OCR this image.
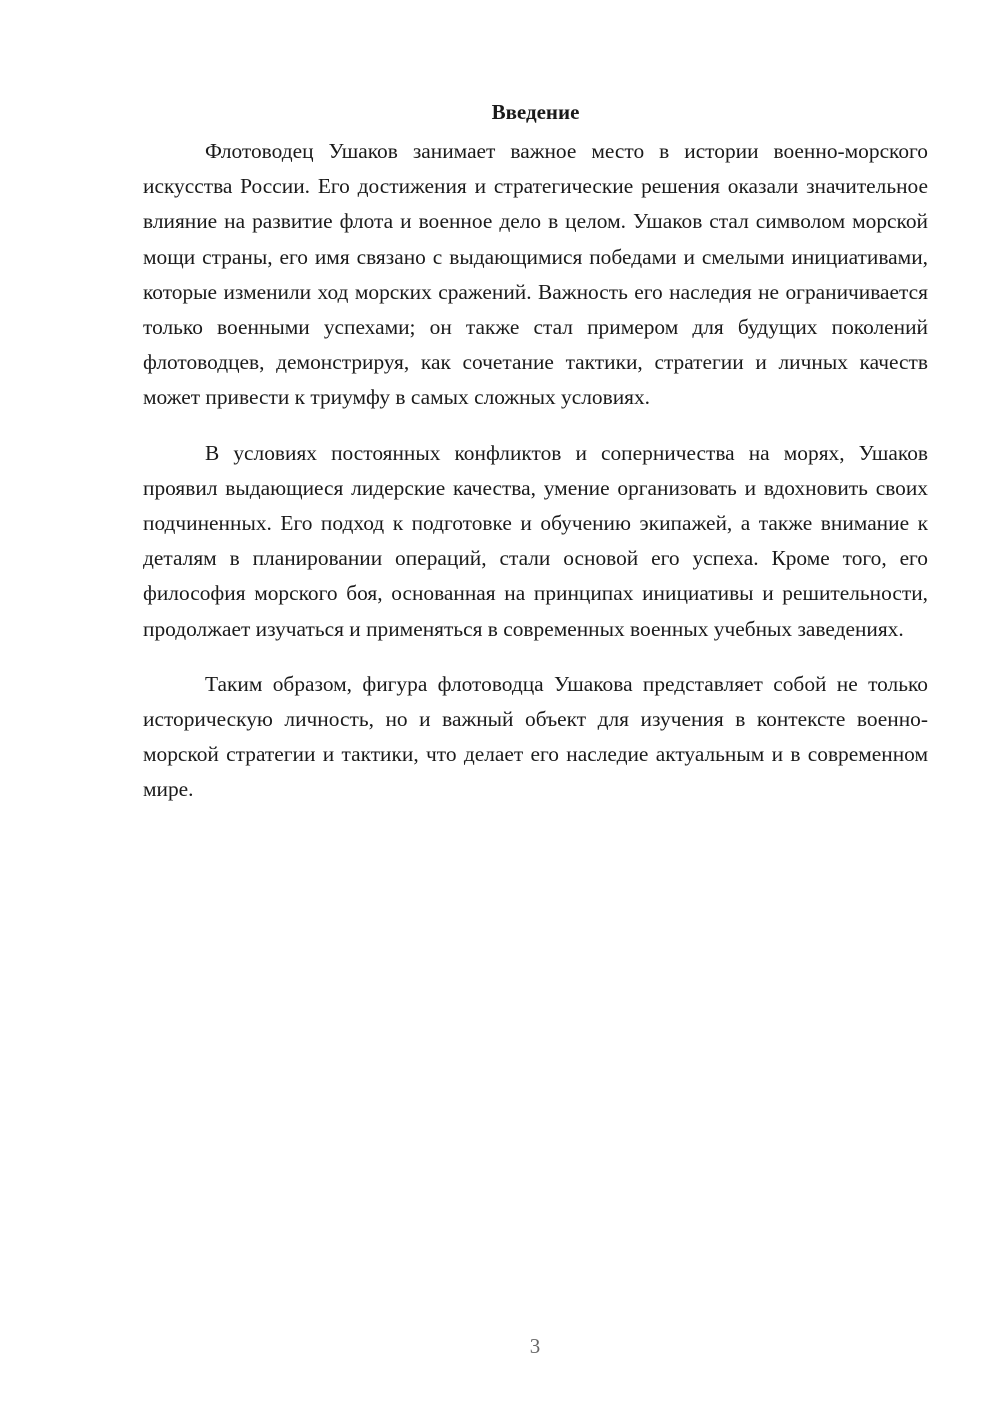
Введение

Флотоводец Ушаков занимает важное место в истории военно-морского искусства России. Его достижения и стратегические решения оказали значительное влияние на развитие флота и военное дело в целом. Ушаков стал символом морской мощи страны, его имя связано с выдающимися победами и смелыми инициативами, которые изменили ход морских сражений. Важность его наследия не ограничивается только военными успехами; он также стал примером для будущих поколений флотоводцев, демонстрируя, как сочетание тактики, стратегии и личных качеств может привести к триумфу в самых сложных условиях.

В условиях постоянных конфликтов и соперничества на морях, Ушаков проявил выдающиеся лидерские качества, умение организовать и вдохновить своих подчиненных. Его подход к подготовке и обучению экипажей, а также внимание к деталям в планировании операций, стали основой его успеха. Кроме того, его философия морского боя, основанная на принципах инициативы и решительности, продолжает изучаться и применяться в современных военных учебных заведениях.

Таким образом, фигура флотоводца Ушакова представляет собой не только историческую личность, но и важный объект для изучения в контексте военно-морской стратегии и тактики, что делает его наследие актуальным и в современном мире.

3
